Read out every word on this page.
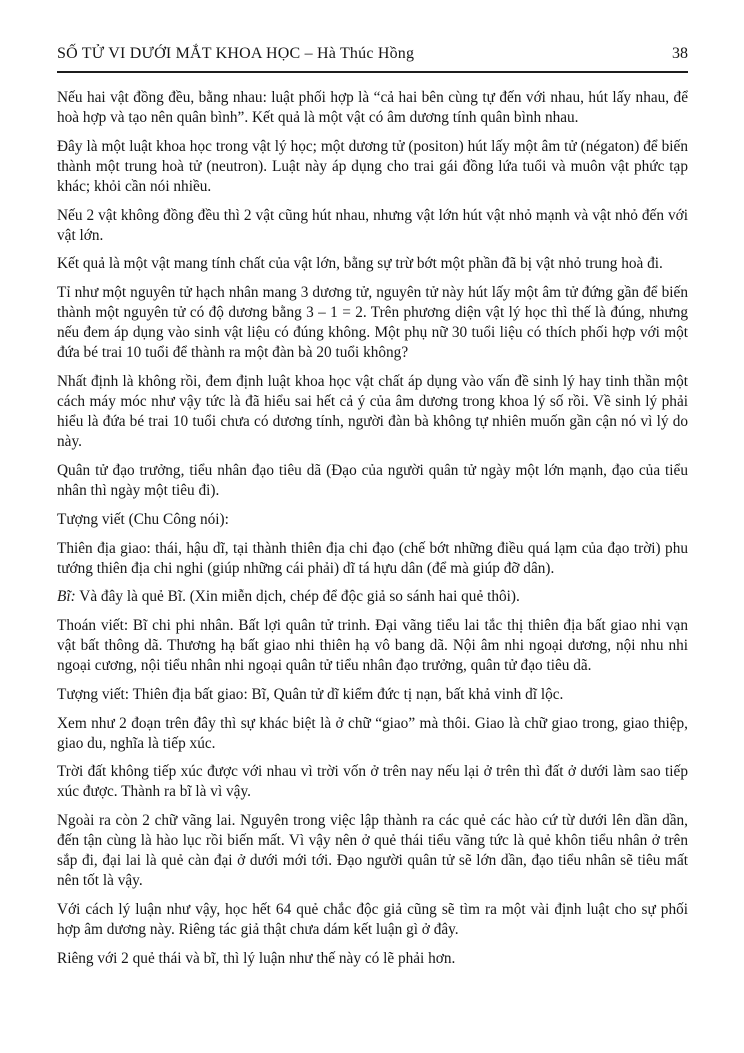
SỐ TỬ VI DƯỚI MẮT KHOA HỌC – Hà Thúc Hồng	38

Nếu hai vật đồng đều, bằng nhau: luật phối hợp là “cả hai bên cùng tự đến với nhau, hút lấy nhau, để hoà hợp và tạo nên quân bình”. Kết quả là một vật có âm dương tính quân bình nhau.

Đây là một luật khoa học trong vật lý học; một dương tử (positon) hút lấy một âm tử (négaton) để biến thành một trung hoà tử (neutron). Luật này áp dụng cho trai gái đồng lứa tuổi và muôn vật phức tạp khác; khỏi cần nói nhiều.

Nếu 2 vật không đồng đều thì 2 vật cũng hút nhau, nhưng vật lớn hút vật nhỏ mạnh và vật nhỏ đến với vật lớn.

Kết quả là một vật mang tính chất của vật lớn, bằng sự trừ bớt một phần đã bị vật nhỏ trung hoà đi.

Tỉ như một nguyên tử hạch nhân mang 3 dương tử, nguyên tử này hút lấy một âm tử đứng gần để biến thành một nguyên tử có độ dương bằng 3 – 1 = 2. Trên phương diện vật lý học thì thế là đúng, nhưng nếu đem áp dụng vào sinh vật liệu có đúng không. Một phụ nữ 30 tuổi liệu có thích phối hợp với một đứa bé trai 10 tuổi để thành ra một đàn bà 20 tuổi không?

Nhất định là không rồi, đem định luật khoa học vật chất áp dụng vào vấn đề sinh lý hay tinh thần một cách máy móc như vậy tức là đã hiểu sai hết cả ý của âm dương trong khoa lý số rồi. Về sinh lý phải hiểu là đứa bé trai 10 tuổi chưa có dương tính, người đàn bà không tự nhiên muốn gần cận nó vì lý do này.

Quân tử đạo trưởng, tiểu nhân đạo tiêu dã (Đạo của người quân tử ngày một lớn mạnh, đạo của tiểu nhân thì ngày một tiêu đi).

Tượng viết (Chu Công nói):

Thiên địa giao: thái, hậu dĩ, tại thành thiên địa chi đạo (chế bớt những điều quá lạm của đạo trời) phu tướng thiên địa chi nghi (giúp những cái phải) dĩ tá hựu dân (để mà giúp đỡ dân).

Bĩ: Và đây là quẻ Bĩ. (Xin miễn dịch, chép để độc giả so sánh hai quẻ thôi).

Thoán viết: Bĩ chi phi nhân. Bất lợi quân tử trinh. Đại vãng tiểu lai tắc thị thiên địa bất giao nhi vạn vật bất thông dã. Thương hạ bất giao nhi thiên hạ vô bang dã. Nội âm nhi ngoại dương, nội nhu nhi ngoại cương, nội tiểu nhân nhi ngoại quân tử tiểu nhân đạo trưởng, quân tử đạo tiêu dã.

Tượng viết: Thiên địa bất giao: Bĩ, Quân tử dĩ kiểm đức tị nạn, bất khả vinh dĩ lộc.

Xem như 2 đoạn trên đây thì sự khác biệt là ở chữ “giao” mà thôi. Giao là chữ giao trong, giao thiệp, giao du, nghĩa là tiếp xúc.

Trời đất không tiếp xúc được với nhau vì trời vốn ở trên nay nếu lại ở trên thì đất ở dưới làm sao tiếp xúc được. Thành ra bĩ là vì vậy.

Ngoài ra còn 2 chữ vãng lai. Nguyên trong việc lập thành ra các quẻ các hào cứ từ dưới lên dần dần, đến tận cùng là hào lục rồi biến mất. Vì vậy nên ở quẻ thái tiểu vãng tức là quẻ khôn tiểu nhân ở trên sắp đi, đại lai là quẻ càn đại ở dưới mới tới. Đạo người quân tử sẽ lớn dần, đạo tiểu nhân sẽ tiêu mất nên tốt là vậy.

Với cách lý luận như vậy, học hết 64 quẻ chắc độc giả cũng sẽ tìm ra một vài định luật cho sự phối hợp âm dương này. Riêng tác giả thật chưa dám kết luận gì ở đây.

Riêng với 2 quẻ thái và bĩ, thì lý luận như thế này có lẽ phải hơn.
